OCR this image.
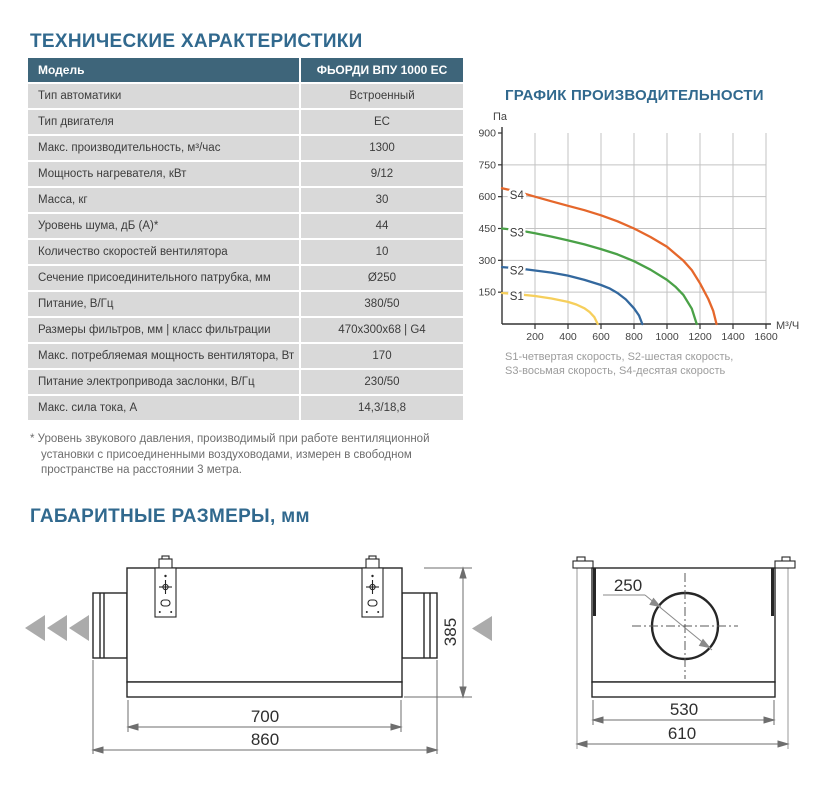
ТЕХНИЧЕСКИЕ ХАРАКТЕРИСТИКИ
Модель	ФЬОРДИ ВПУ 1000 ЕС
Тип автоматики	Встроенный
Тип двигателя	ЕС
Макс. производительность, м³/час	1300
Мощность нагревателя, кВт	9/12
Масса, кг	30
Уровень шума, дБ (А)*	44
Количество скоростей вентилятора	10
Сечение присоединительного патрубка, мм	Ø250
Питание, В/Гц	380/50
Размеры фильтров, мм | класс фильтрации	470x300x68 | G4
Макс. потребляемая мощность вентилятора, Вт	170
Питание электропривода заслонки, В/Гц	230/50
Макс. сила тока, А	14,3/18,8
* Уровень звукового давления, производимый при работе вентиляционной установки с присоединенными воздуховодами, измерен в свободном пространстве на расстоянии 3 метра.
ГРАФИК ПРОИЗВОДИТЕЛЬНОСТИ
150
300
450
600
750
900
200 400 600 800 1000 1200 1400 1600
Па
М³/Ч
S4
S3
S2
S1
S1-четвертая скорость, S2-шестая скорость,
S3-восьмая скорость, S4-десятая скорость
ГАБАРИТНЫЕ РАЗМЕРЫ, мм
700
860
385
250
530
610
